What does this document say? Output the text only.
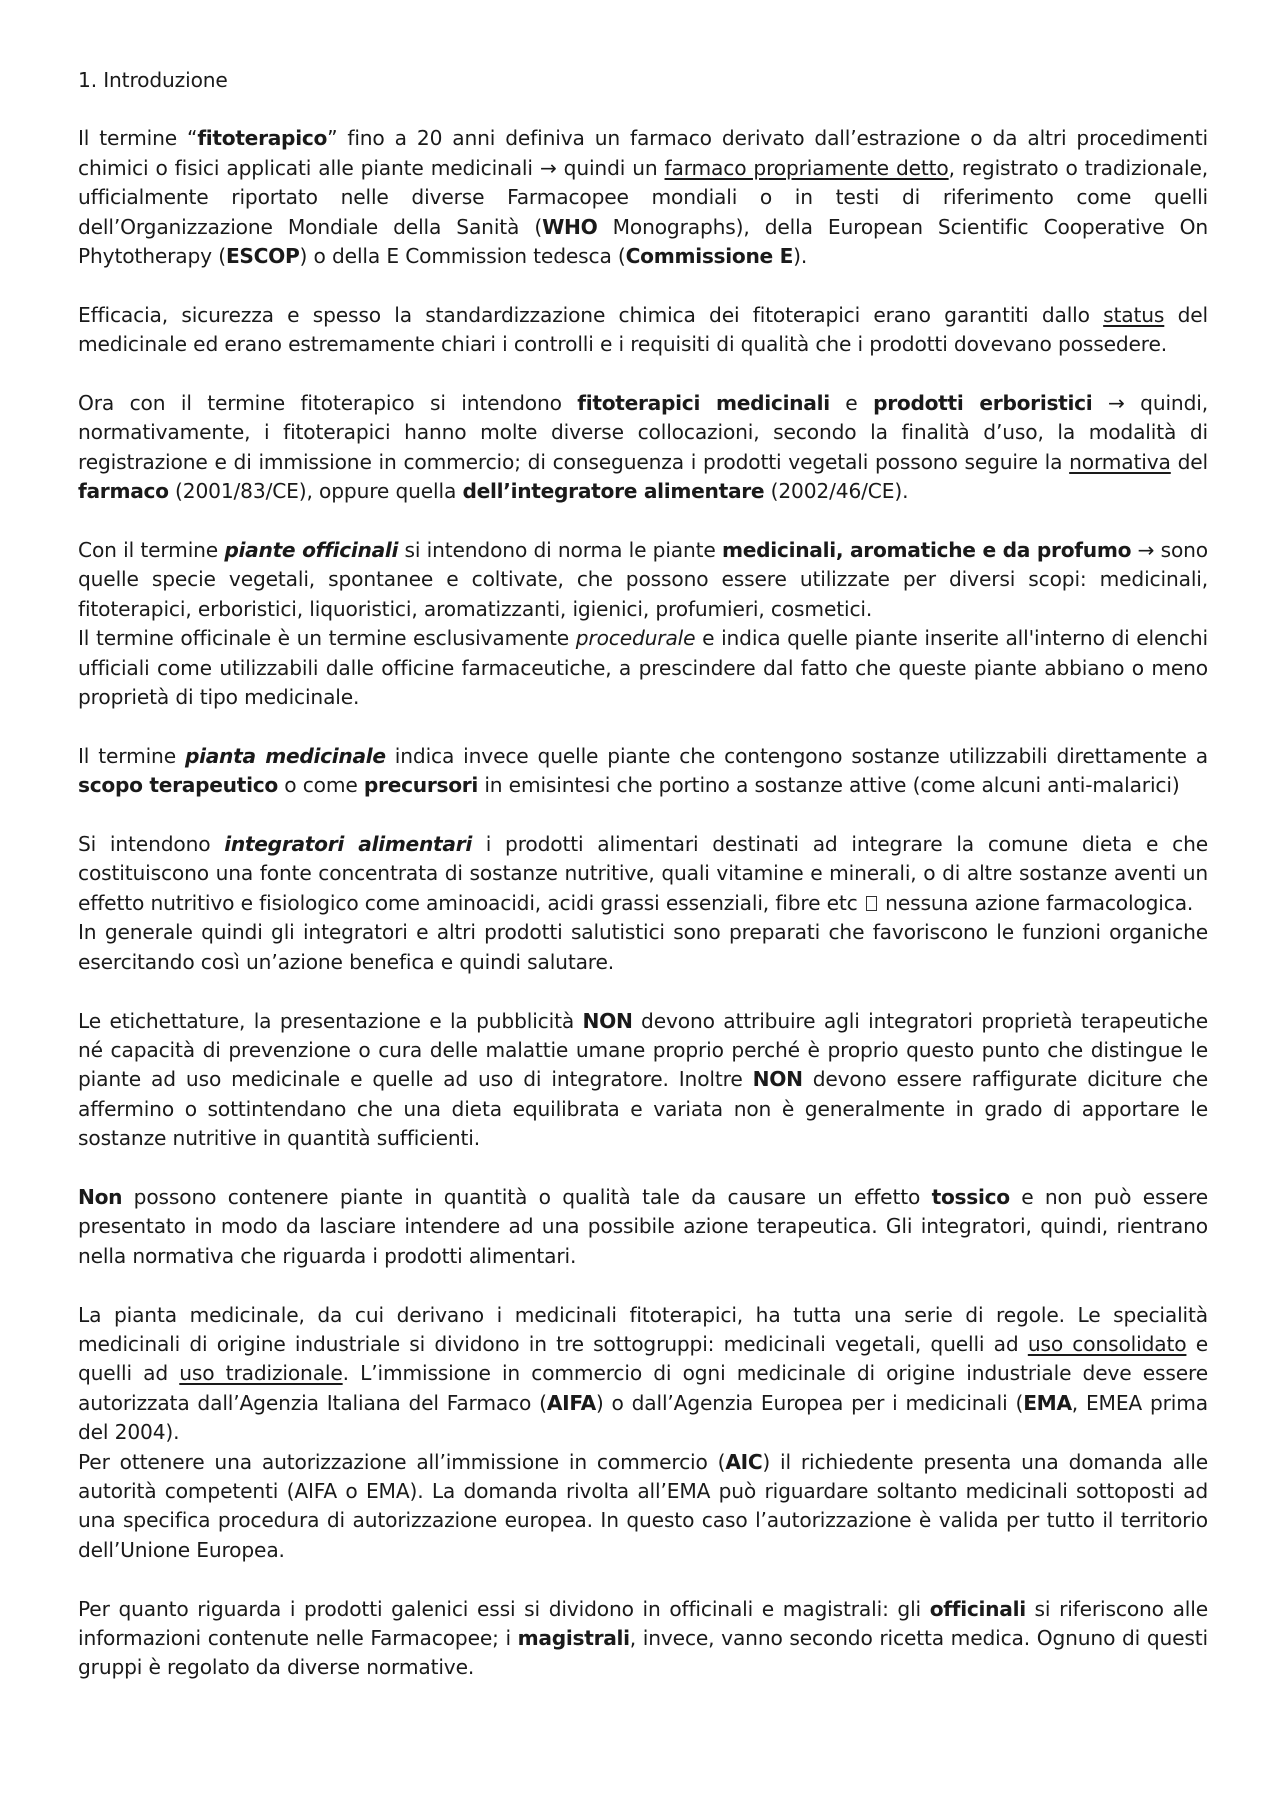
1. Introduzione

Il termine “fitoterapico” fino a 20 anni definiva un farmaco derivato dall’estrazione o da altri procedimenti chimici o fisici applicati alle piante medicinali → quindi un farmaco propriamente detto, registrato o tradizionale, ufficialmente riportato nelle diverse Farmacopee mondiali o in testi di riferimento come quelli dell’Organizzazione Mondiale della Sanità (WHO Monographs), della European Scientific Cooperative On Phytotherapy (ESCOP) o della E Commission tedesca (Commissione E).

Efficacia, sicurezza e spesso la standardizzazione chimica dei fitoterapici erano garantiti dallo status del medicinale ed erano estremamente chiari i controlli e i requisiti di qualità che i prodotti dovevano possedere.

Ora con il termine fitoterapico si intendono fitoterapici medicinali e prodotti erboristici → quindi, normativamente, i fitoterapici hanno molte diverse collocazioni, secondo la finalità d’uso, la modalità di registrazione e di immissione in commercio; di conseguenza i prodotti vegetali possono seguire la normativa del farmaco (2001/83/CE), oppure quella dell’integratore alimentare (2002/46/CE).

Con il termine piante officinali si intendono di norma le piante medicinali, aromatiche e da profumo → sono quelle specie vegetali, spontanee e coltivate, che possono essere utilizzate per diversi scopi: medicinali, fitoterapici, erboristici, liquoristici, aromatizzanti, igienici, profumieri, cosmetici.

Il termine officinale è un termine esclusivamente procedurale e indica quelle piante inserite all'interno di elenchi ufficiali come utilizzabili dalle officine farmaceutiche, a prescindere dal fatto che queste piante abbiano o meno proprietà di tipo medicinale.

Il termine pianta medicinale indica invece quelle piante che contengono sostanze utilizzabili direttamente a scopo terapeutico o come precursori in emisintesi che portino a sostanze attive (come alcuni anti-malarici)

Si intendono integratori alimentari i prodotti alimentari destinati ad integrare la comune dieta e che costituiscono una fonte concentrata di sostanze nutritive, quali vitamine e minerali, o di altre sostanze aventi un effetto nutritivo e fisiologico come aminoacidi, acidi grassi essenziali, fibre etc  nessuna azione farmacologica.

In generale quindi gli integratori e altri prodotti salutistici sono preparati che favoriscono le funzioni organiche esercitando così un’azione benefica e quindi salutare.

Le etichettature, la presentazione e la pubblicità NON devono attribuire agli integratori proprietà terapeutiche né capacità di prevenzione o cura delle malattie umane proprio perché è proprio questo punto che distingue le piante ad uso medicinale e quelle ad uso di integratore. Inoltre NON devono essere raffigurate diciture che affermino o sottintendano che una dieta equilibrata e variata non è generalmente in grado di apportare le sostanze nutritive in quantità sufficienti.

Non possono contenere piante in quantità o qualità tale da causare un effetto tossico e non può essere presentato in modo da lasciare intendere ad una possibile azione terapeutica. Gli integratori, quindi, rientrano nella normativa che riguarda i prodotti alimentari.

La pianta medicinale, da cui derivano i medicinali fitoterapici, ha tutta una serie di regole. Le specialità medicinali di origine industriale si dividono in tre sottogruppi: medicinali vegetali, quelli ad uso consolidato e quelli ad uso tradizionale. L’immissione in commercio di ogni medicinale di origine industriale deve essere autorizzata dall’Agenzia Italiana del Farmaco (AIFA) o dall’Agenzia Europea per i medicinali (EMA, EMEA prima del 2004).

Per ottenere una autorizzazione all’immissione in commercio (AIC) il richiedente presenta una domanda alle autorità competenti (AIFA o EMA). La domanda rivolta all’EMA può riguardare soltanto medicinali sottoposti ad una specifica procedura di autorizzazione europea. In questo caso l’autorizzazione è valida per tutto il territorio dell’Unione Europea.

Per quanto riguarda i prodotti galenici essi si dividono in officinali e magistrali: gli officinali si riferiscono alle informazioni contenute nelle Farmacopee; i magistrali, invece, vanno secondo ricetta medica. Ognuno di questi gruppi è regolato da diverse normative.
